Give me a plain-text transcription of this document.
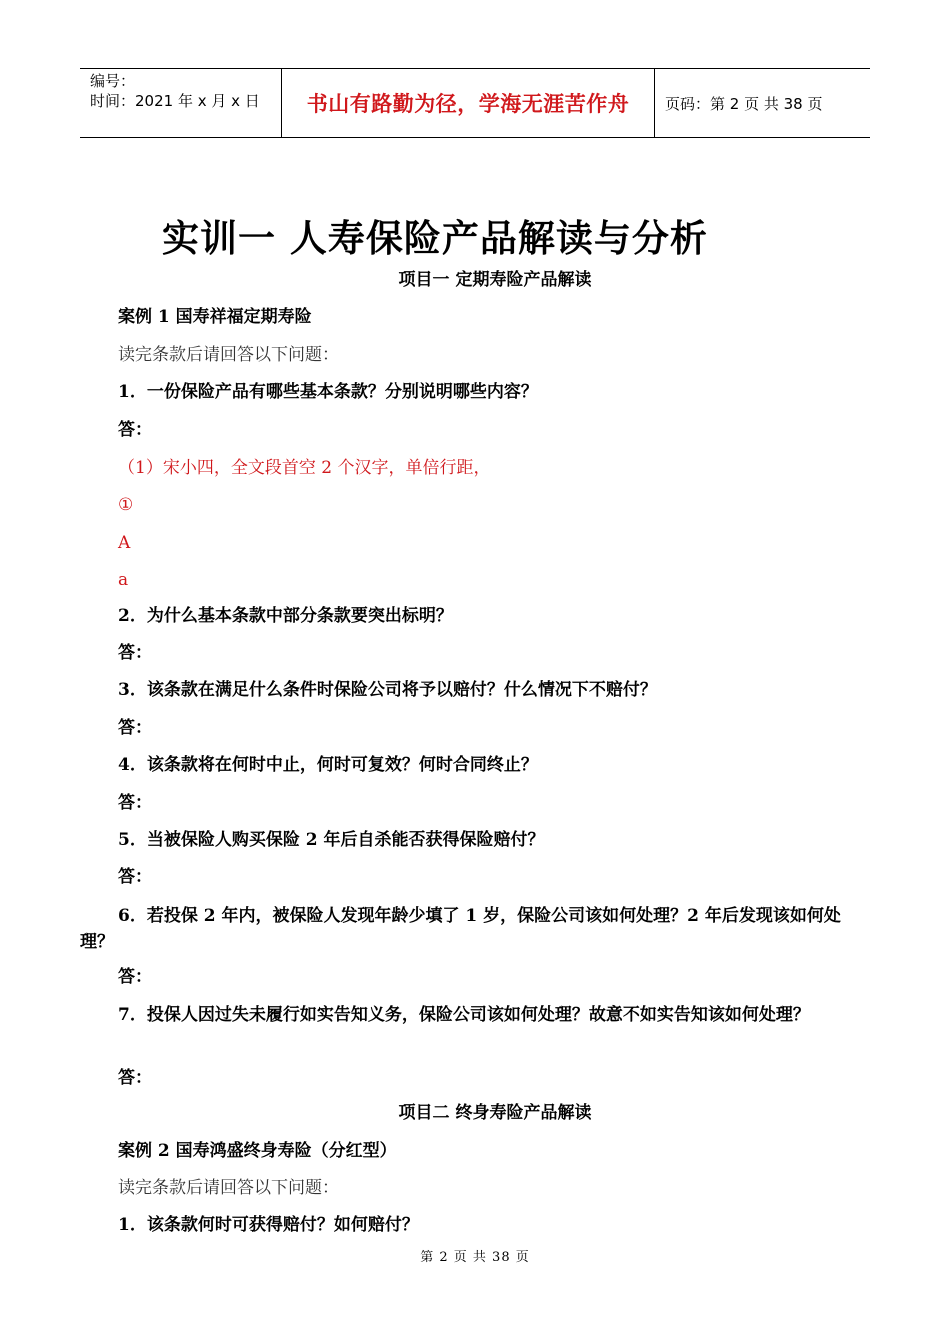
编号：
时间：2021 年 x 月 x 日	书山有路勤为径，学海无涯苦作舟	页码：第 2 页 共 38 页
实训一 人寿保险产品解读与分析
项目一 定期寿险产品解读
案例 1 国寿祥福定期寿险
读完条款后请回答以下问题：
1．一份保险产品有哪些基本条款？分别说明哪些内容？
答：
（1）宋小四，全文段首空 2 个汉字，单倍行距，
①
A
a
2．为什么基本条款中部分条款要突出标明？
答：
3．该条款在满足什么条件时保险公司将予以赔付？什么情况下不赔付？
答：
4．该条款将在何时中止，何时可复效？何时合同终止？
答：
5．当被保险人购买保险 2 年后自杀能否获得保险赔付？
答：
6．若投保 2 年内，被保险人发现年龄少填了 1 岁，保险公司该如何处理？2 年后发现该如何处理？
答：
7．投保人因过失未履行如实告知义务，保险公司该如何处理？故意不如实告知该如何处理？
答：
项目二 终身寿险产品解读
案例 2 国寿鸿盛终身寿险（分红型）
读完条款后请回答以下问题：
1．该条款何时可获得赔付？如何赔付？
第 2 页 共 38 页
